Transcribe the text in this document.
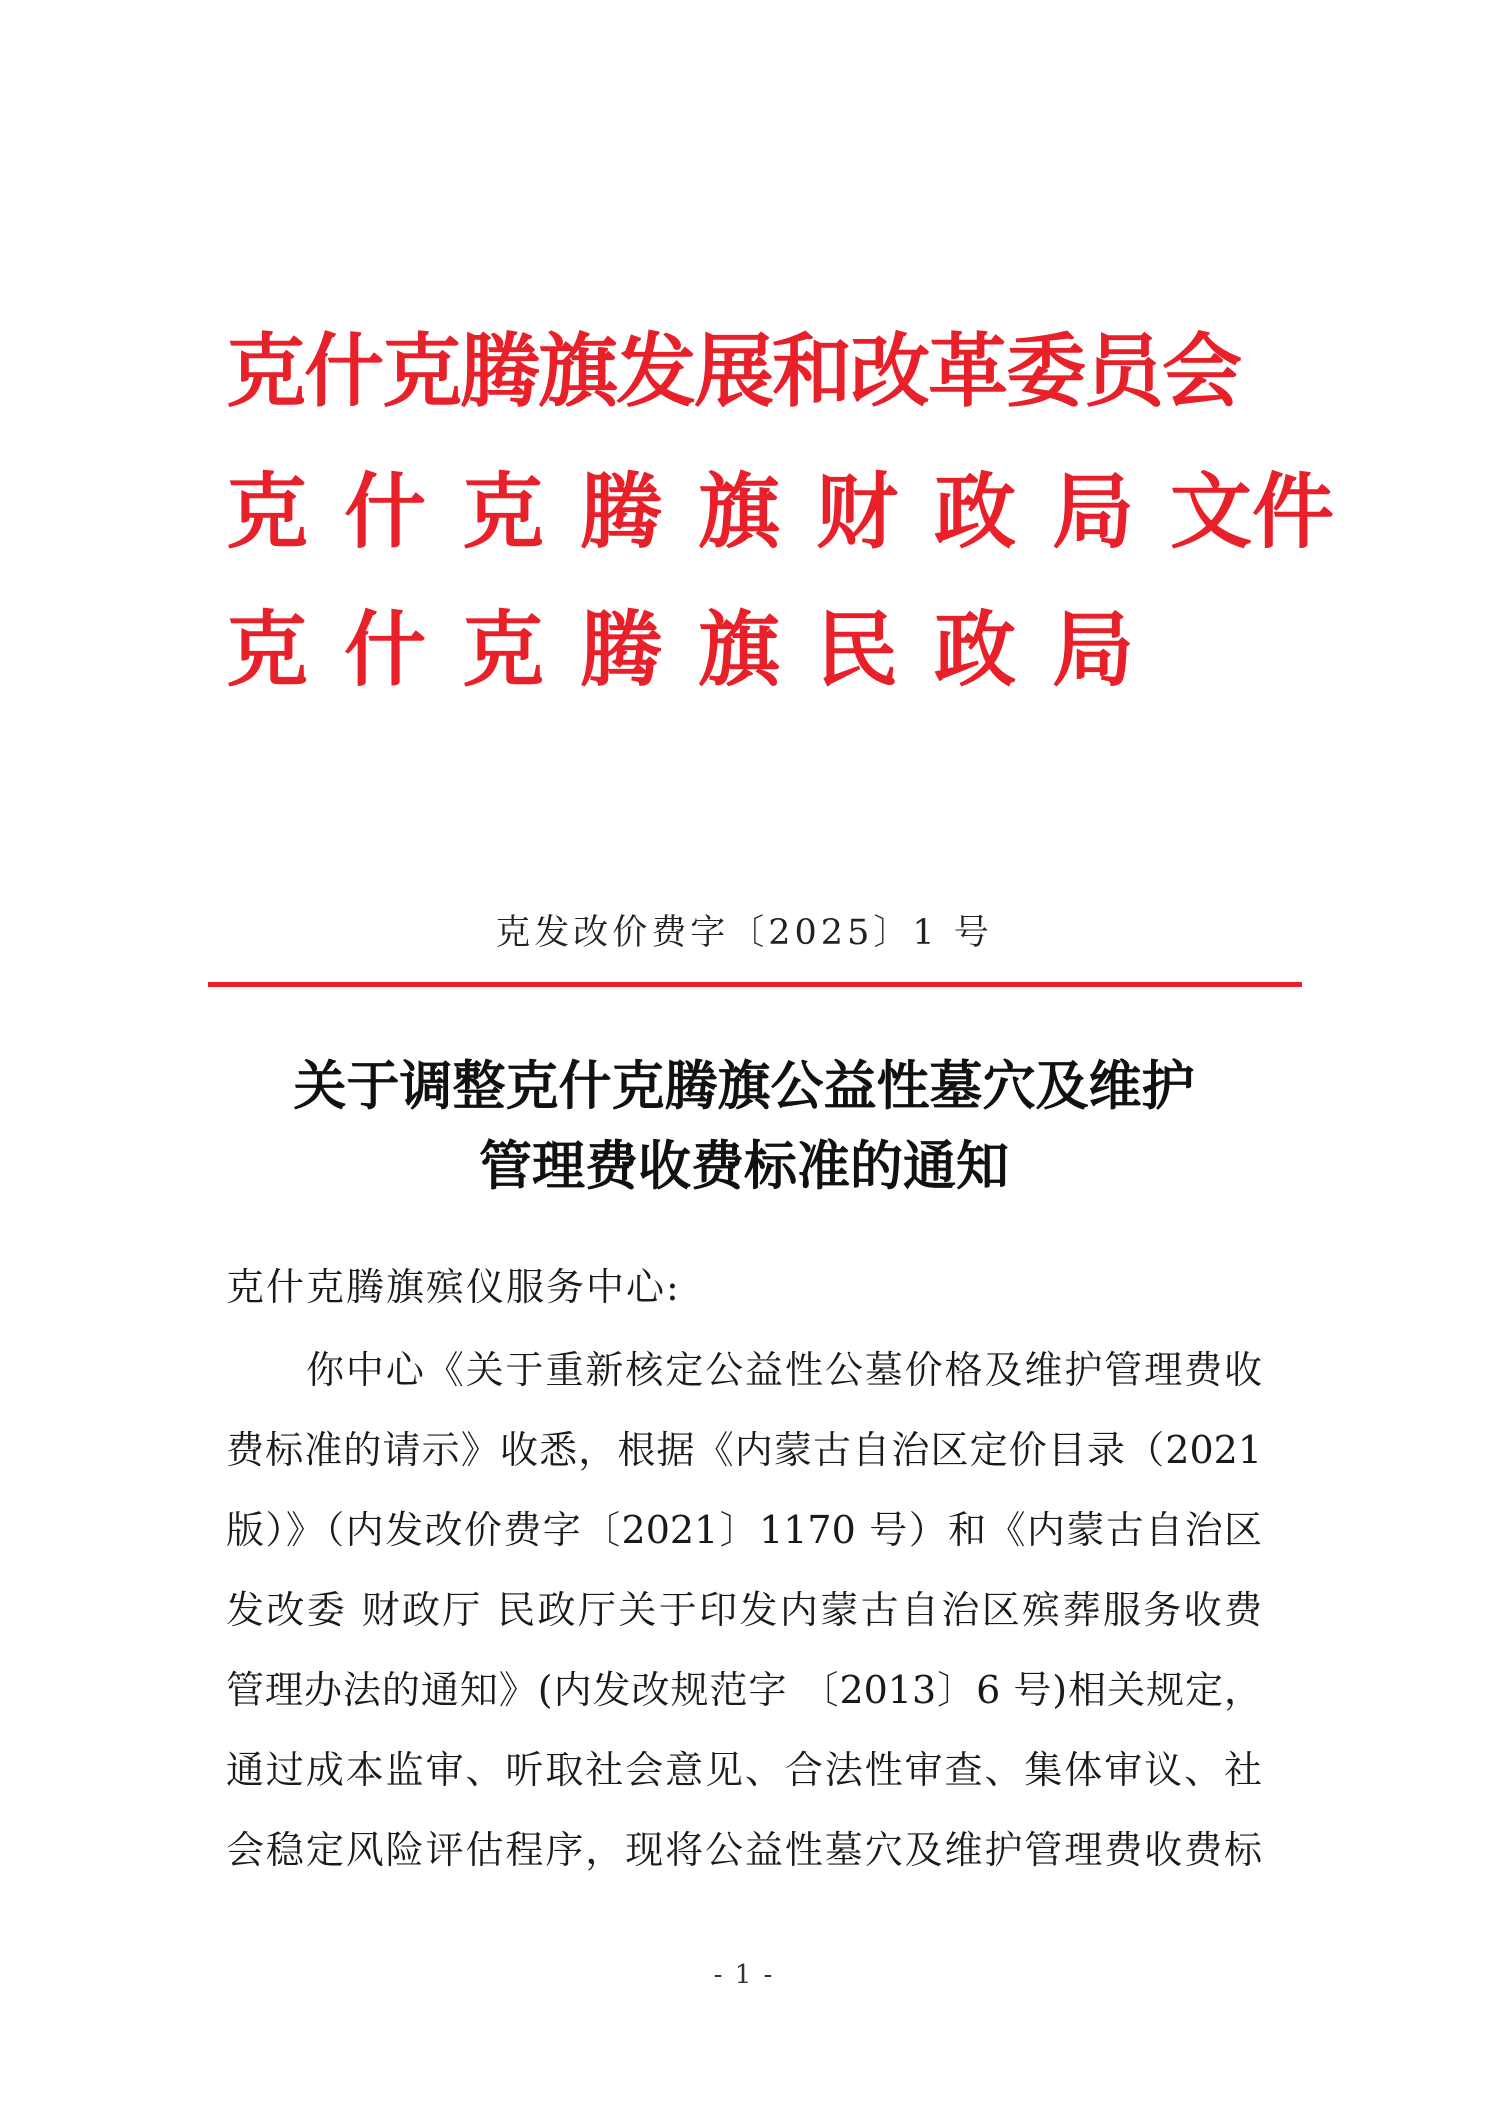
克什克腾旗发展和改革委员会
克什克腾旗财政局文件
克什克腾旗民政局
克发改价费字〔2025〕1 号
关于调整克什克腾旗公益性墓穴及维护
管理费收费标准的通知
克什克腾旗殡仪服务中心:
你中心《关于重新核定公益性公墓价格及维护管理费收
费标准的请示》收悉，根据《内蒙古自治区定价目录（2021
版）》（内发改价费字〔2021〕1170 号）和《内蒙古自治区
发改委 财政厅 民政厅关于印发内蒙古自治区殡葬服务收费
管理办法的通知》(内发改规范字 〔2013〕6 号)相关规定，
通过成本监审、听取社会意见、合法性审查、集体审议、社
会稳定风险评估程序，现将公益性墓穴及维护管理费收费标
- 1 -
